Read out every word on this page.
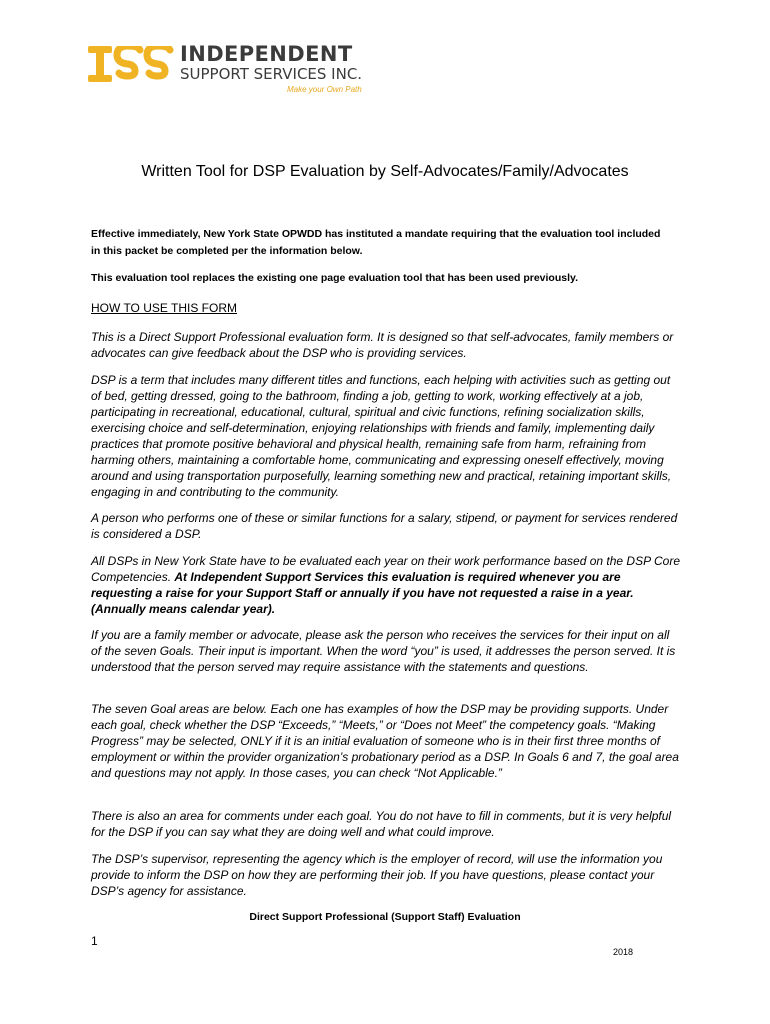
INDEPENDENT
SUPPORT SERVICES INC.
Make your Own Path
Written Tool for DSP Evaluation by Self-Advocates/Family/Advocates
Effective immediately, New York State OPWDD has instituted a mandate requiring that the evaluation tool included in this packet be completed per the information below.
This evaluation tool replaces the existing one page evaluation tool that has been used previously.
HOW TO USE THIS FORM

This is a Direct Support Professional evaluation form. It is designed so that self-advocates, family members or advocates can give feedback about the DSP who is providing services.

DSP is a term that includes many different titles and functions, each helping with activities such as getting out of bed, getting dressed, going to the bathroom, finding a job, getting to work, working effectively at a job, participating in recreational, educational, cultural, spiritual and civic functions, refining socialization skills, exercising choice and self-determination, enjoying relationships with friends and family, implementing daily practices that promote positive behavioral and physical health, remaining safe from harm, refraining from harming others, maintaining a comfortable home, communicating and expressing oneself effectively, moving around and using transportation purposefully, learning something new and practical, retaining important skills, engaging in and contributing to the community.

A person who performs one of these or similar functions for a salary, stipend, or payment for services rendered is considered a DSP.

All DSPs in New York State have to be evaluated each year on their work performance based on the DSP Core Competencies. At Independent Support Services this evaluation is required whenever you are requesting a raise for your Support Staff or annually if you have not requested a raise in a year. (Annually means calendar year).

If you are a family member or advocate, please ask the person who receives the services for their input on all of the seven Goals. Their input is important. When the word “you” is used, it addresses the person served. It is understood that the person served may require assistance with the statements and questions.

The seven Goal areas are below. Each one has examples of how the DSP may be providing supports. Under each goal, check whether the DSP “Exceeds,” “Meets,” or “Does not Meet” the competency goals. “Making Progress” may be selected, ONLY if it is an initial evaluation of someone who is in their first three months of employment or within the provider organization’s probationary period as a DSP. In Goals 6 and 7, the goal area and questions may not apply. In those cases, you can check “Not Applicable.”

There is also an area for comments under each goal. You do not have to fill in comments, but it is very helpful for the DSP if you can say what they are doing well and what could improve.

The DSP’s supervisor, representing the agency which is the employer of record, will use the information you provide to inform the DSP on how they are performing their job. If you have questions, please contact your DSP’s agency for assistance.

Direct Support Professional (Support Staff) Evaluation
1
2018
